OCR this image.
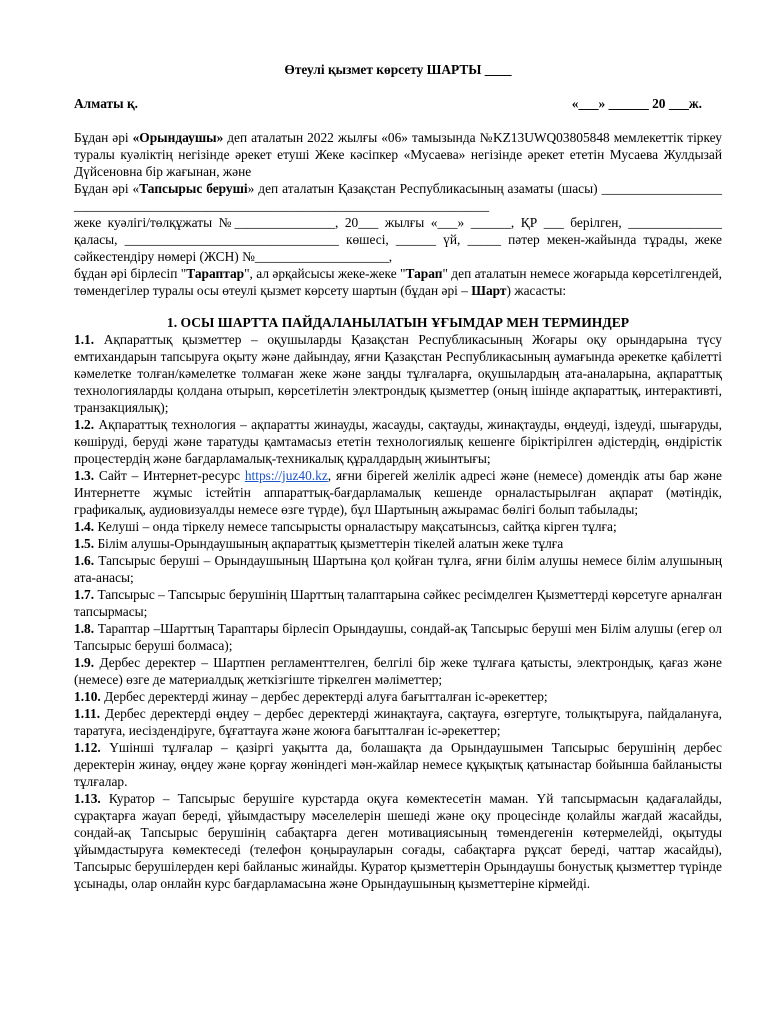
Өтеулі қызмет көрсету ШАРТЫ ____
Алматы қ.	«___» ______ 20 ___ж.

Бұдан әрі «Орындаушы» деп аталатын 2022 жылғы «06» тамызында №KZ13UWQ03805848 мемлекеттік тіркеу туралы куәліктің негізінде әрекет етуші Жеке кәсіпкер «Мусаева» негізінде әрекет ететін Мусаева Жулдызай Дүйсеновна бір жағынан, және

Бұдан әрі «Тапсырыс беруші» деп аталатын Қазақстан Республикасының азаматы (шасы) ________________________________________________________________________________

жеке куәлігі/төлқұжаты №_______________, 20___ жылғы «___» ______, ҚР ___ берілген, ______________ қаласы, ________________________________ көшесі, ______ үй, _____ пәтер мекен-жайында тұрады, жеке сәйкестендіру нөмері (ЖСН) №____________________,

бұдан әрі бірлесіп "Тараптар", ал әрқайсысы жеке-жеке "Тарап" деп аталатын немесе жоғарыда көрсетілгендей, төмендегілер туралы осы өтеулі қызмет көрсету шартын (бұдан әрі – Шарт) жасасты:

1. ОСЫ ШАРТТА ПАЙДАЛАНЫЛАТЫН ҰҒЫМДАР МЕН ТЕРМИНДЕР

1.1. Ақпараттық қызметтер – оқушыларды Қазақстан Республикасының Жоғары оқу орындарына түсу емтихандарын тапсыруға оқыту және дайындау, яғни Қазақстан Республикасының аумағында әрекетке қабілетті кәмелетке толған/кәмелетке толмаған жеке және заңды тұлғаларға, оқушылардың ата-аналарына, ақпараттық технологияларды қолдана отырып, көрсетілетін электрондық қызметтер (оның ішінде ақпараттық, интерактивті, транзакциялық);

1.2. Ақпараттық технология – ақпаратты жинауды, жасауды, сақтауды, жинақтауды, өңдеуді, іздеуді, шығаруды, көшіруді, беруді және таратуды қамтамасыз ететін технологиялық кешенге біріктірілген әдістердің, өндірістік процестердің және бағдарламалық-техникалық құралдардың жиынтығы;

1.3. Сайт – Интернет-ресурс https://juz40.kz, яғни бірегей желілік адресі және (немесе) домендік аты бар және Интернетте жұмыс істейтін аппараттық-бағдарламалық кешенде орналастырылған ақпарат (мәтіндік, графикалық, аудиовизуалды немесе өзге түрде), бұл Шартының ажырамас бөлігі болып табылады;

1.4. Келуші – онда тіркелу немесе тапсырысты орналастыру мақсатынсыз, сайтқа кірген тұлға;

1.5. Білім алушы-Орындаушының ақпараттық қызметтерін тікелей алатын жеке тұлға

1.6. Тапсырыс беруші – Орындаушының Шартына қол қойған тұлға, яғни білім алушы немесе білім алушының ата-анасы;

1.7. Тапсырыс – Тапсырыс берушінің Шарттың талаптарына сәйкес ресімделген Қызметтерді көрсетуге арналған тапсырмасы;

1.8. Тараптар –Шарттың Тараптары бірлесіп Орындаушы, сондай-ақ Тапсырыс беруші мен Білім алушы (егер ол Тапсырыс беруші болмаса);

1.9. Дербес деректер – Шартпен регламенттелген, белгілі бір жеке тұлғаға қатысты, электрондық, қағаз және (немесе) өзге де материалдық жеткізгіште тіркелген мәліметтер;

1.10. Дербес деректерді жинау – дербес деректерді алуға бағытталған іс-әрекеттер;

1.11. Дербес деректерді өңдеу – дербес деректерді жинақтауға, сақтауға, өзгертуге, толықтыруға, пайдалануға, таратуға, иесіздендіруге, бұғаттауға және жоюға бағытталған іс-әрекеттер;

1.12. Үшінші тұлғалар – қазіргі уақытта да, болашақта да Орындаушымен Тапсырыс берушінің дербес деректерін жинау, өңдеу және қорғау жөніндегі мән-жайлар немесе құқықтық қатынастар бойынша байланысты тұлғалар.

1.13. Куратор – Тапсырыс берушіге курстарда оқуға көмектесетін маман. Үй тапсырмасын қадағалайды, сұрақтарға жауап береді, ұйымдастыру мәселелерін шешеді және оқу процесінде қолайлы жағдай жасайды, сондай-ақ Тапсырыс берушінің сабақтарға деген мотивациясының төмендегенін көтермелейді, оқытуды ұйымдастыруға көмектеседі (телефон қоңырауларын соғады, сабақтарға рұқсат береді, чаттар жасайды), Тапсырыс берушілерден кері байланыс жинайды. Куратор қызметтерін Орындаушы бонустық қызметтер түрінде ұсынады, олар онлайн курс бағдарламасына және Орындаушының қызметтеріне кірмейді.
